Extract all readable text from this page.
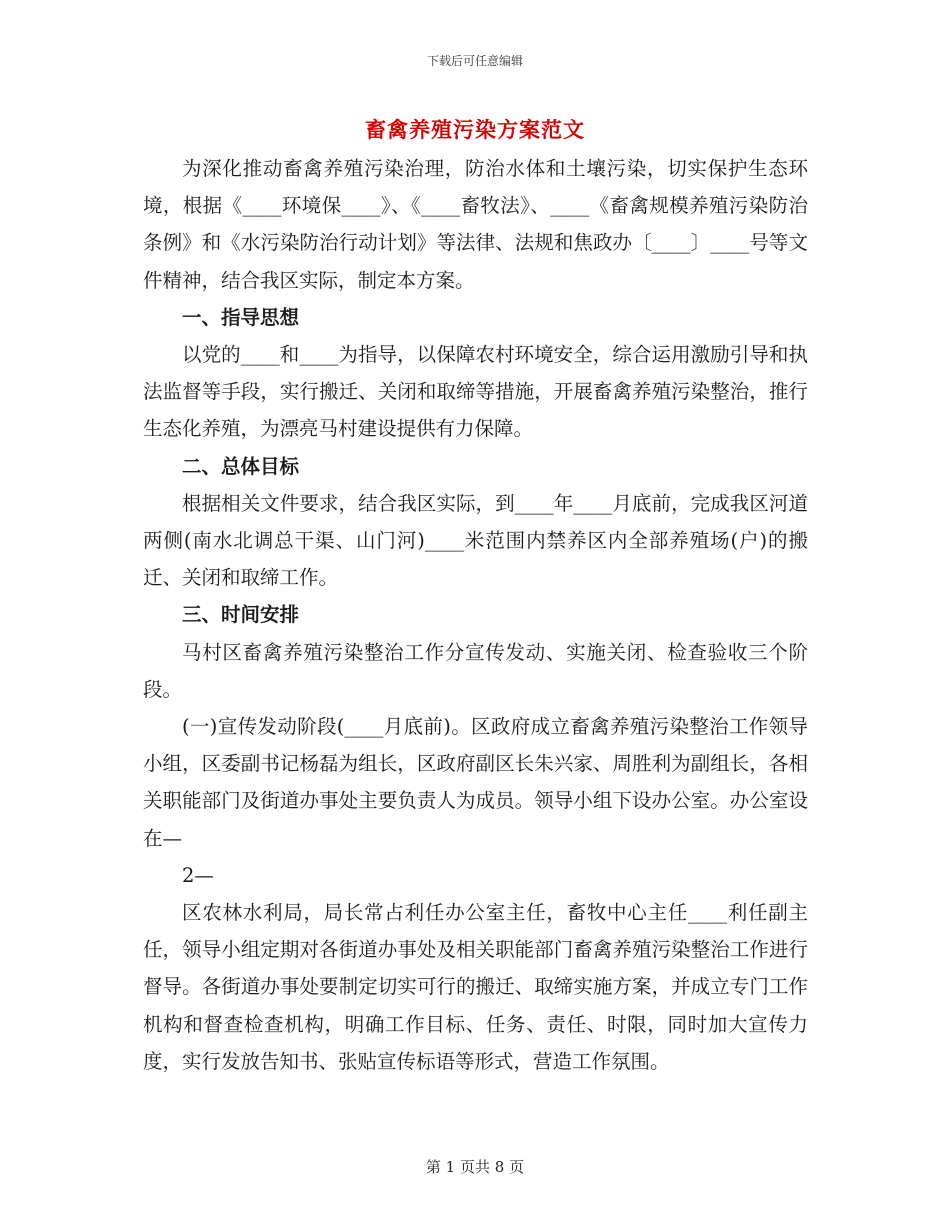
下载后可任意编辑
畜禽养殖污染方案范文

为深化推动畜禽养殖污染治理，防治水体和土壤污染，切实保护生态环境，根据《____环境保____》、《____畜牧法》、____《畜禽规模养殖污染防治条例》和《水污染防治行动计划》等法律、法规和焦政办〔____〕____号等文件精神，结合我区实际，制定本方案。

一、指导思想

以党的____和____为指导，以保障农村环境安全，综合运用激励引导和执法监督等手段，实行搬迁、关闭和取缔等措施，开展畜禽养殖污染整治，推行生态化养殖，为漂亮马村建设提供有力保障。

二、总体目标

根据相关文件要求，结合我区实际，到____年____月底前，完成我区河道两侧(南水北调总干渠、山门河)____米范围内禁养区内全部养殖场(户)的搬迁、关闭和取缔工作。

三、时间安排

马村区畜禽养殖污染整治工作分宣传发动、实施关闭、检查验收三个阶段。

(一)宣传发动阶段(____月底前)。区政府成立畜禽养殖污染整治工作领导小组，区委副书记杨磊为组长，区政府副区长朱兴家、周胜利为副组长，各相关职能部门及街道办事处主要负责人为成员。领导小组下设办公室。办公室设在—

2—

区农林水利局，局长常占利任办公室主任，畜牧中心主任____利任副主任，领导小组定期对各街道办事处及相关职能部门畜禽养殖污染整治工作进行督导。各街道办事处要制定切实可行的搬迁、取缔实施方案，并成立专门工作机构和督查检查机构，明确工作目标、任务、责任、时限，同时加大宣传力度，实行发放告知书、张贴宣传标语等形式，营造工作氛围。

第 1 页共 8 页
